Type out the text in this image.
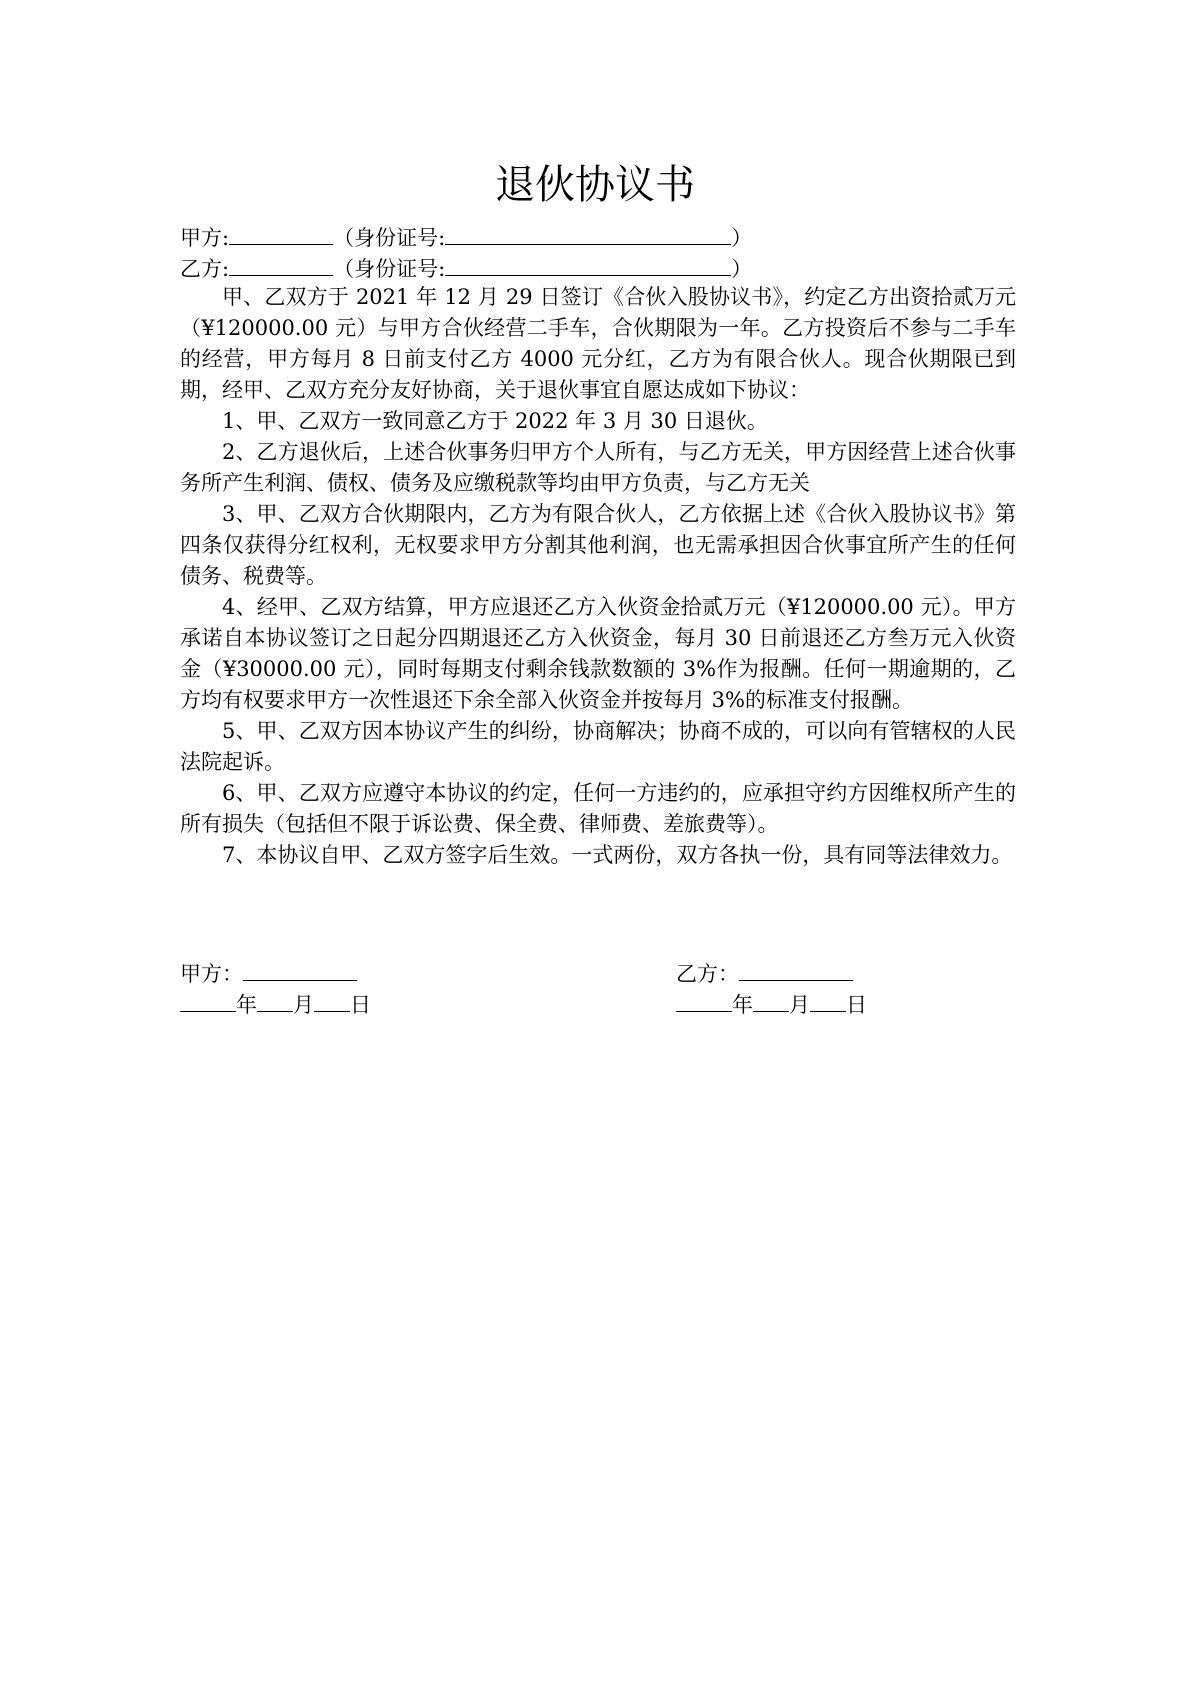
退伙协议书
甲方:	（身份证号:	）
乙方:	（身份证号:	）
甲、乙双方于 2021 年 12 月 29 日签订《合伙入股协议书》，约定乙方出资拾贰万元（¥120000.00 元）与甲方合伙经营二手车，合伙期限为一年。乙方投资后不参与二手车的经营，甲方每月 8 日前支付乙方 4000 元分红，乙方为有限合伙人。现合伙期限已到期，经甲、乙双方充分友好协商，关于退伙事宜自愿达成如下协议：
1、甲、乙双方一致同意乙方于 2022 年 3 月 30 日退伙。
2、乙方退伙后，上述合伙事务归甲方个人所有，与乙方无关，甲方因经营上述合伙事务所产生利润、债权、债务及应缴税款等均由甲方负责，与乙方无关
3、甲、乙双方合伙期限内，乙方为有限合伙人，乙方依据上述《合伙入股协议书》第四条仅获得分红权利，无权要求甲方分割其他利润，也无需承担因合伙事宜所产生的任何债务、税费等。
4、经甲、乙双方结算，甲方应退还乙方入伙资金拾贰万元（¥120000.00 元）。甲方承诺自本协议签订之日起分四期退还乙方入伙资金，每月 30 日前退还乙方叁万元入伙资金（¥30000.00 元），同时每期支付剩余钱款数额的 3%作为报酬。任何一期逾期的，乙方均有权要求甲方一次性退还下余全部入伙资金并按每月 3%的标准支付报酬。
5、甲、乙双方因本协议产生的纠纷，协商解决；协商不成的，可以向有管辖权的人民法院起诉。
6、甲、乙双方应遵守本协议的约定，任何一方违约的，应承担守约方因维权所产生的所有损失（包括但不限于诉讼费、保全费、律师费、差旅费等）。
7、本协议自甲、乙双方签字后生效。一式两份，双方各执一份，具有同等法律效力。
甲方：
年 月 日
乙方：
年 月 日
